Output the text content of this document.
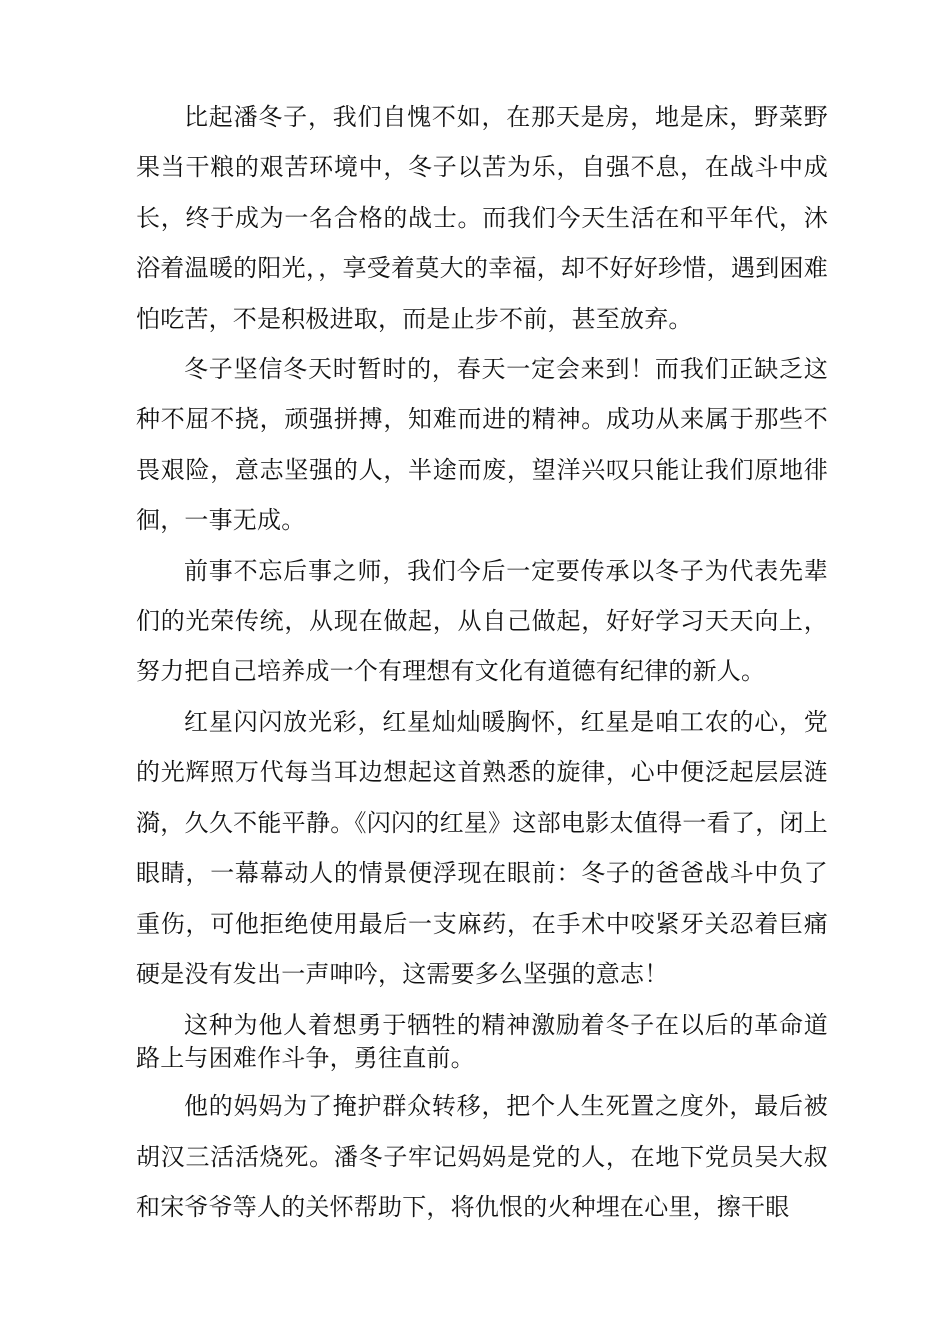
比起潘冬子，我们自愧不如，在那天是房，地是床，野菜野果当干粮的艰苦环境中，冬子以苦为乐，自强不息，在战斗中成长，终于成为一名合格的战士。而我们今天生活在和平年代，沐浴着温暖的阳光，，享受着莫大的幸福，却不好好珍惜，遇到困难怕吃苦，不是积极进取，而是止步不前，甚至放弃。

冬子坚信冬天时暂时的，春天一定会来到！而我们正缺乏这种不屈不挠，顽强拼搏，知难而进的精神。成功从来属于那些不畏艰险，意志坚强的人，半途而废，望洋兴叹只能让我们原地徘徊，一事无成。

前事不忘后事之师，我们今后一定要传承以冬子为代表先辈们的光荣传统，从现在做起，从自己做起，好好学习天天向上，努力把自己培养成一个有理想有文化有道德有纪律的新人。

红星闪闪放光彩，红星灿灿暖胸怀，红星是咱工农的心，党的光辉照万代每当耳边想起这首熟悉的旋律，心中便泛起层层涟漪，久久不能平静。《闪闪的红星》这部电影太值得一看了，闭上眼睛，一幕幕动人的情景便浮现在眼前：冬子的爸爸战斗中负了重伤，可他拒绝使用最后一支麻药，在手术中咬紧牙关忍着巨痛硬是没有发出一声呻吟，这需要多么坚强的意志！

这种为他人着想勇于牺牲的精神激励着冬子在以后的革命道路上与困难作斗争，勇往直前。

他的妈妈为了掩护群众转移，把个人生死置之度外，最后被胡汉三活活烧死。潘冬子牢记妈妈是党的人，在地下党员吴大叔和宋爷爷等人的关怀帮助下，将仇恨的火种埋在心里，擦干眼
